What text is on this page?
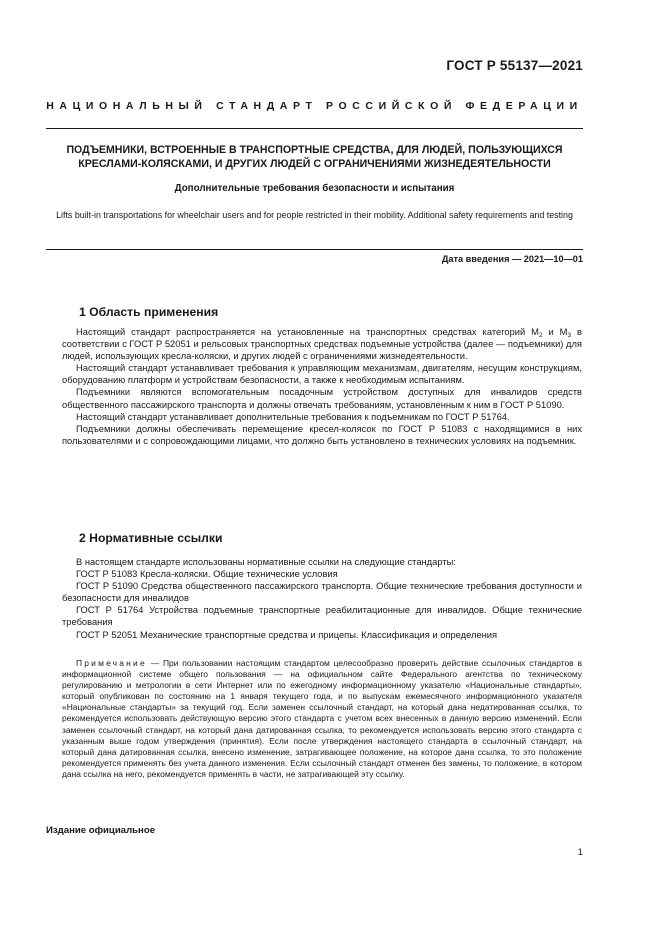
ГОСТ Р 55137—2021
НАЦИОНАЛЬНЫЙ СТАНДАРТ РОССИЙСКОЙ ФЕДЕРАЦИИ
ПОДЪЕМНИКИ, ВСТРОЕННЫЕ В ТРАНСПОРТНЫЕ СРЕДСТВА, ДЛЯ ЛЮДЕЙ, ПОЛЬЗУЮЩИХСЯ
КРЕСЛАМИ-КОЛЯСКАМИ, И ДРУГИХ ЛЮДЕЙ С ОГРАНИЧЕНИЯМИ ЖИЗНЕДЕЯТЕЛЬНОСТИ
Дополнительные требования безопасности и испытания
Lifts built-in transportations for wheelchair users and for people restricted in their mobility. Additional safety requirements and testing
Дата введения — 2021—10—01
1 Область применения

Настоящий стандарт распространяется на установленные на транспортных средствах категорий $M_2$ и $M_3$ в соответствии с ГОСТ Р 52051 и рельсовых транспортных средствах подъемные устройства (далее — подъемники) для людей, использующих кресла-коляски, и других людей с ограничениями жизнедеятельности.

Настоящий стандарт устанавливает требования к управляющим механизмам, двигателям, несущим конструкциям, оборудованию платформ и устройствам безопасности, а также к необходимым испытаниям.

Подъемники являются вспомогательным посадочным устройством доступных для инвалидов средств общественного пассажирского транспорта и должны отвечать требованиям, установленным к ним в ГОСТ Р 51090.

Настоящий стандарт устанавливает дополнительные требования к подъемникам по ГОСТ Р 51764.

Подъемники должны обеспечивать перемещение кресел-колясок по ГОСТ Р 51083 с находящимися в них пользователями и с сопровождающими лицами, что должно быть установлено в технических условиях на подъемник.

2 Нормативные ссылки

В настоящем стандарте использованы нормативные ссылки на следующие стандарты:

ГОСТ Р 51083 Кресла-коляски. Общие технические условия

ГОСТ Р 51090 Средства общественного пассажирского транспорта. Общие технические требования доступности и безопасности для инвалидов

ГОСТ Р 51764 Устройства подъемные транспортные реабилитационные для инвалидов. Общие технические требования

ГОСТ Р 52051 Механические транспортные средства и прицепы. Классификация и определения

Примечание — При пользовании настоящим стандартом целесообразно проверить действие ссылочных стандартов в информационной системе общего пользования — на официальном сайте Федерального агентства по техническому регулированию и метрологии в сети Интернет или по ежегодному информационному указателю «Национальные стандарты», который опубликован по состоянию на 1 января текущего года, и по выпускам ежемесячного информационного указателя «Национальные стандарты» за текущий год. Если заменен ссылочный стандарт, на который дана недатированная ссылка, то рекомендуется использовать действующую версию этого стандарта с учетом всех внесенных в данную версию изменений. Если заменен ссылочный стандарт, на который дана датированная ссылка, то рекомендуется использовать версию этого стандарта с указанным выше годом утверждения (принятия). Если после утверждения настоящего стандарта в ссылочный стандарт, на который дана датированная ссылка, внесено изменение, затрагивающее положение, на которое дана ссылка, то это положение рекомендуется применять без учета данного изменения. Если ссылочный стандарт отменен без замены, то положение, в котором дана ссылка на него, рекомендуется применять в части, не затрагивающей эту ссылку.

Издание официальное
1
